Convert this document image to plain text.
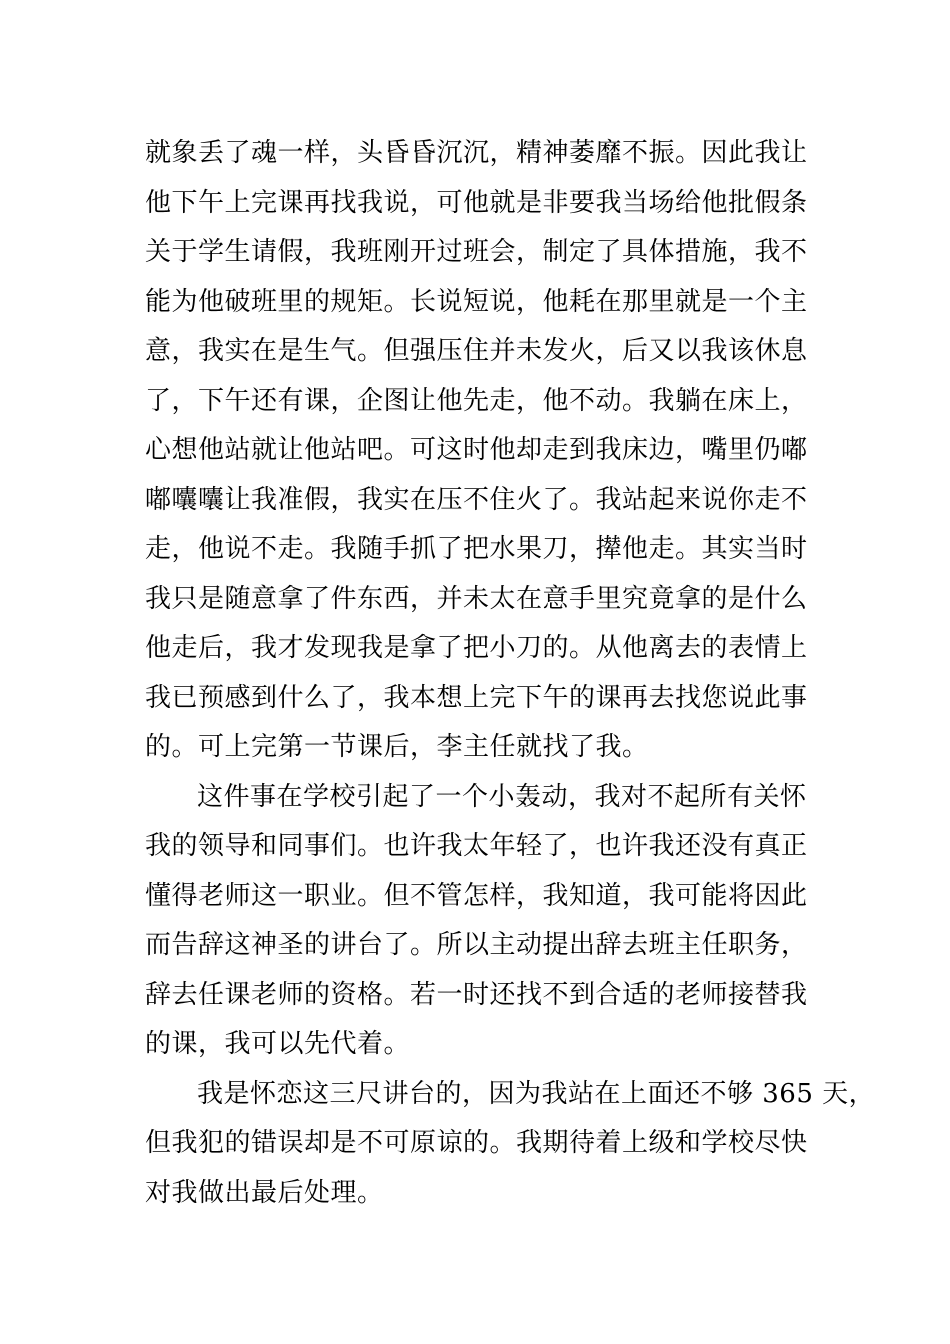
就象丢了魂一样，头昏昏沉沉，精神萎靡不振。因此我让
他下午上完课再找我说，可他就是非要我当场给他批假条
关于学生请假，我班刚开过班会，制定了具体措施，我不
能为他破班里的规矩。长说短说，他耗在那里就是一个主
意，我实在是生气。但强压住并未发火，后又以我该休息
了，下午还有课，企图让他先走，他不动。我躺在床上，
心想他站就让他站吧。可这时他却走到我床边，嘴里仍嘟
嘟囔囔让我准假，我实在压不住火了。我站起来说你走不
走，他说不走。我随手抓了把水果刀，撵他走。其实当时
我只是随意拿了件东西，并未太在意手里究竟拿的是什么
他走后，我才发现我是拿了把小刀的。从他离去的表情上
我已预感到什么了，我本想上完下午的课再去找您说此事
的。可上完第一节课后，李主任就找了我。
这件事在学校引起了一个小轰动，我对不起所有关怀
我的领导和同事们。也许我太年轻了，也许我还没有真正
懂得老师这一职业。但不管怎样，我知道，我可能将因此
而告辞这神圣的讲台了。所以主动提出辞去班主任职务，
辞去任课老师的资格。若一时还找不到合适的老师接替我
的课，我可以先代着。
我是怀恋这三尺讲台的，因为我站在上面还不够 365 天，
但我犯的错误却是不可原谅的。我期待着上级和学校尽快
对我做出最后处理。
